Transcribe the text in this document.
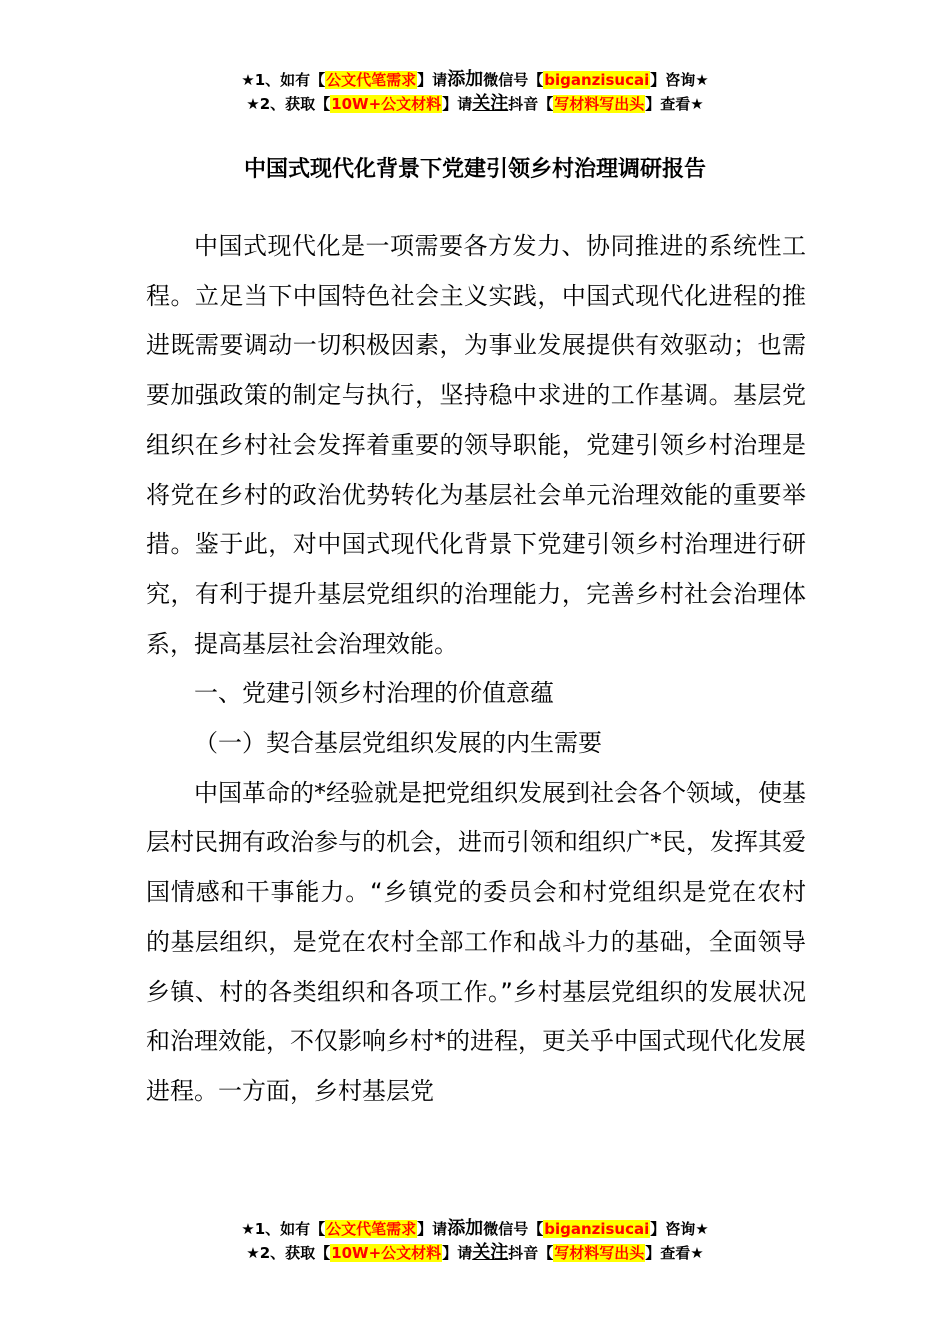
★1、如有【公文代笔需求】请添加微信号【biganzisucai】咨询★
★2、获取【10W+公文材料】请关注抖音【写材料写出头】查看★
中国式现代化背景下党建引领乡村治理调研报告

中国式现代化是一项需要各方发力、协同推进的系统性工程。立足当下中国特色社会主义实践，中国式现代化进程的推进既需要调动一切积极因素，为事业发展提供有效驱动；也需要加强政策的制定与执行，坚持稳中求进的工作基调。基层党组织在乡村社会发挥着重要的领导职能，党建引领乡村治理是将党在乡村的政治优势转化为基层社会单元治理效能的重要举措。鉴于此，对中国式现代化背景下党建引领乡村治理进行研究，有利于提升基层党组织的治理能力，完善乡村社会治理体系，提高基层社会治理效能。

一、党建引领乡村治理的价值意蕴

（一）契合基层党组织发展的内生需要

中国革命的*经验就是把党组织发展到社会各个领域，使基层村民拥有政治参与的机会，进而引领和组织广*民，发挥其爱国情感和干事能力。“乡镇党的委员会和村党组织是党在农村的基层组织，是党在农村全部工作和战斗力的基础，全面领导乡镇、村的各类组织和各项工作。”乡村基层党组织的发展状况和治理效能，不仅影响乡村*的进程，更关乎中国式现代化发展进程。一方面，乡村基层党

★1、如有【公文代笔需求】请添加微信号【biganzisucai】咨询★
★2、获取【10W+公文材料】请关注抖音【写材料写出头】查看★
